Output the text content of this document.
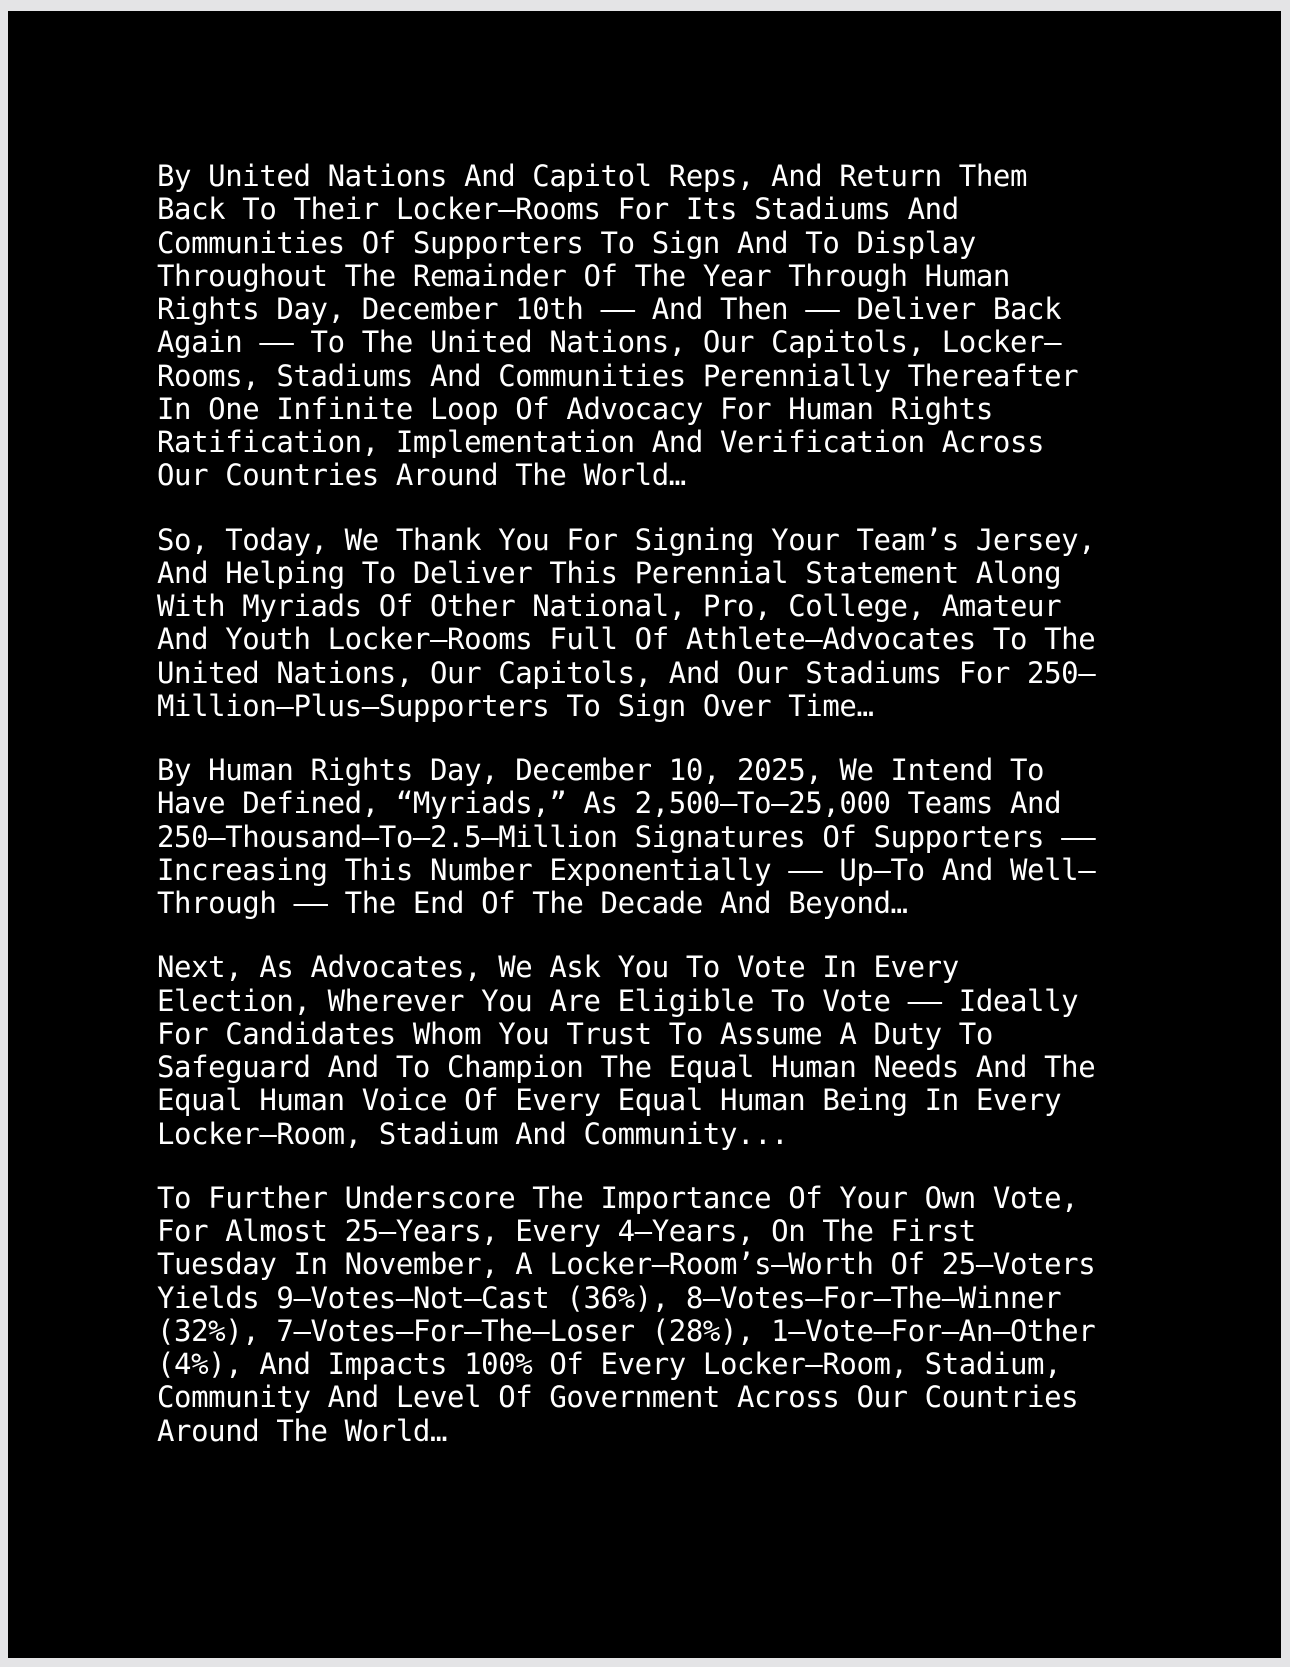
By United Nations And Capitol Reps, And Return Them
Back To Their Locker–Rooms For Its Stadiums And
Communities Of Supporters To Sign And To Display
Throughout The Remainder Of The Year Through Human
Rights Day, December 10th –– And Then –– Deliver Back
Again –– To The United Nations, Our Capitols, Locker–
Rooms, Stadiums And Communities Perennially Thereafter
In One Infinite Loop Of Advocacy For Human Rights
Ratification, Implementation And Verification Across
Our Countries Around The World…

So, Today, We Thank You For Signing Your Team’s Jersey,
And Helping To Deliver This Perennial Statement Along
With Myriads Of Other National, Pro, College, Amateur
And Youth Locker–Rooms Full Of Athlete–Advocates To The
United Nations, Our Capitols, And Our Stadiums For 250–
Million–Plus–Supporters To Sign Over Time…

By Human Rights Day, December 10, 2025, We Intend To
Have Defined, “Myriads,” As 2,500–To–25,000 Teams And
250–Thousand–To–2.5–Million Signatures Of Supporters ––
Increasing This Number Exponentially –– Up–To And Well–
Through –– The End Of The Decade And Beyond…

Next, As Advocates, We Ask You To Vote In Every
Election, Wherever You Are Eligible To Vote –– Ideally
For Candidates Whom You Trust To Assume A Duty To
Safeguard And To Champion The Equal Human Needs And The
Equal Human Voice Of Every Equal Human Being In Every
Locker–Room, Stadium And Community...

To Further Underscore The Importance Of Your Own Vote,
For Almost 25–Years, Every 4–Years, On The First
Tuesday In November, A Locker–Room’s–Worth Of 25–Voters
Yields 9–Votes–Not–Cast (36%), 8–Votes–For–The–Winner
(32%), 7–Votes–For–The–Loser (28%), 1–Vote–For–An–Other
(4%), And Impacts 100% Of Every Locker–Room, Stadium,
Community And Level Of Government Across Our Countries
Around The World…
